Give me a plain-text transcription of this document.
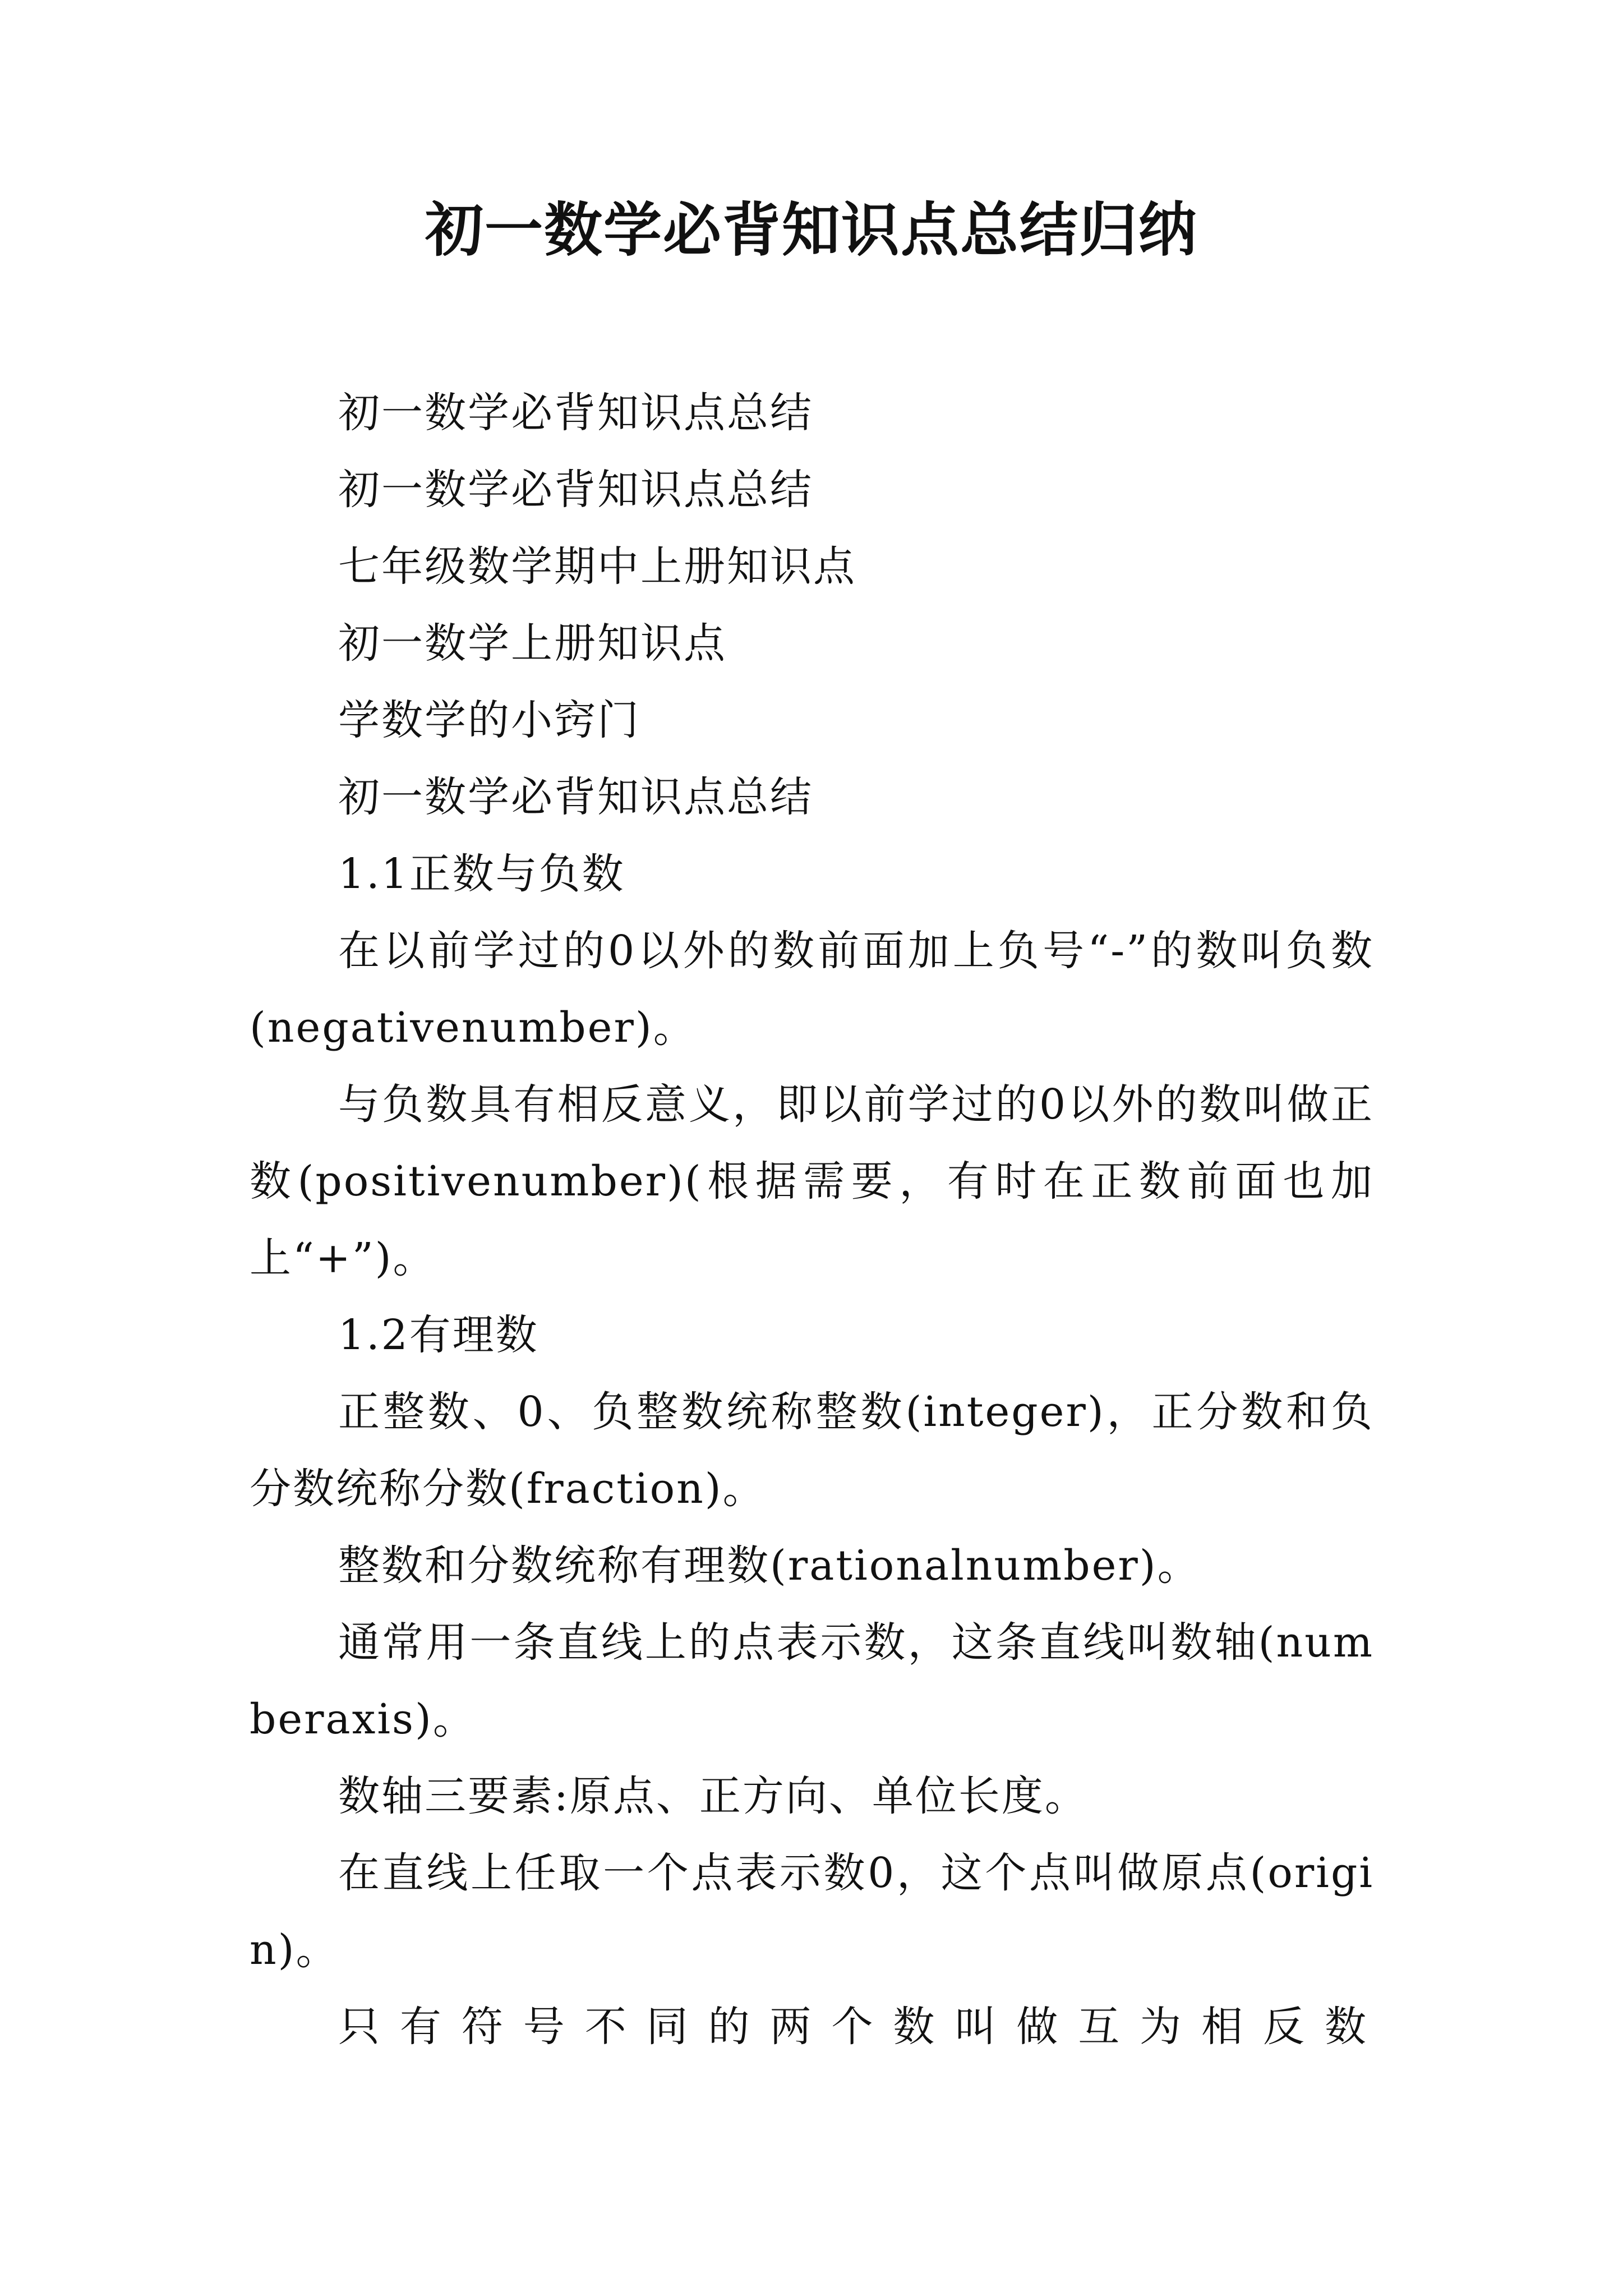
初一数学必背知识点总结归纳

初一数学必背知识点总结

初一数学必背知识点总结

七年级数学期中上册知识点

初一数学上册知识点

学数学的小窍门

初一数学必背知识点总结

1.1正数与负数

在以前学过的0以外的数前面加上负号“-”的数叫负数(negativenumber)。

与负数具有相反意义，即以前学过的0以外的数叫做正数(positivenumber)(根据需要，有时在正数前面也加上“+”)。

1.2有理数

正整数、0、负整数统称整数(integer)，正分数和负分数统称分数(fraction)。

整数和分数统称有理数(rationalnumber)。

通常用一条直线上的点表示数，这条直线叫数轴(numberaxis)。

数轴三要素:原点、正方向、单位长度。

在直线上任取一个点表示数0，这个点叫做原点(origin)。

只有符号不同的两个数叫做互为相反数
